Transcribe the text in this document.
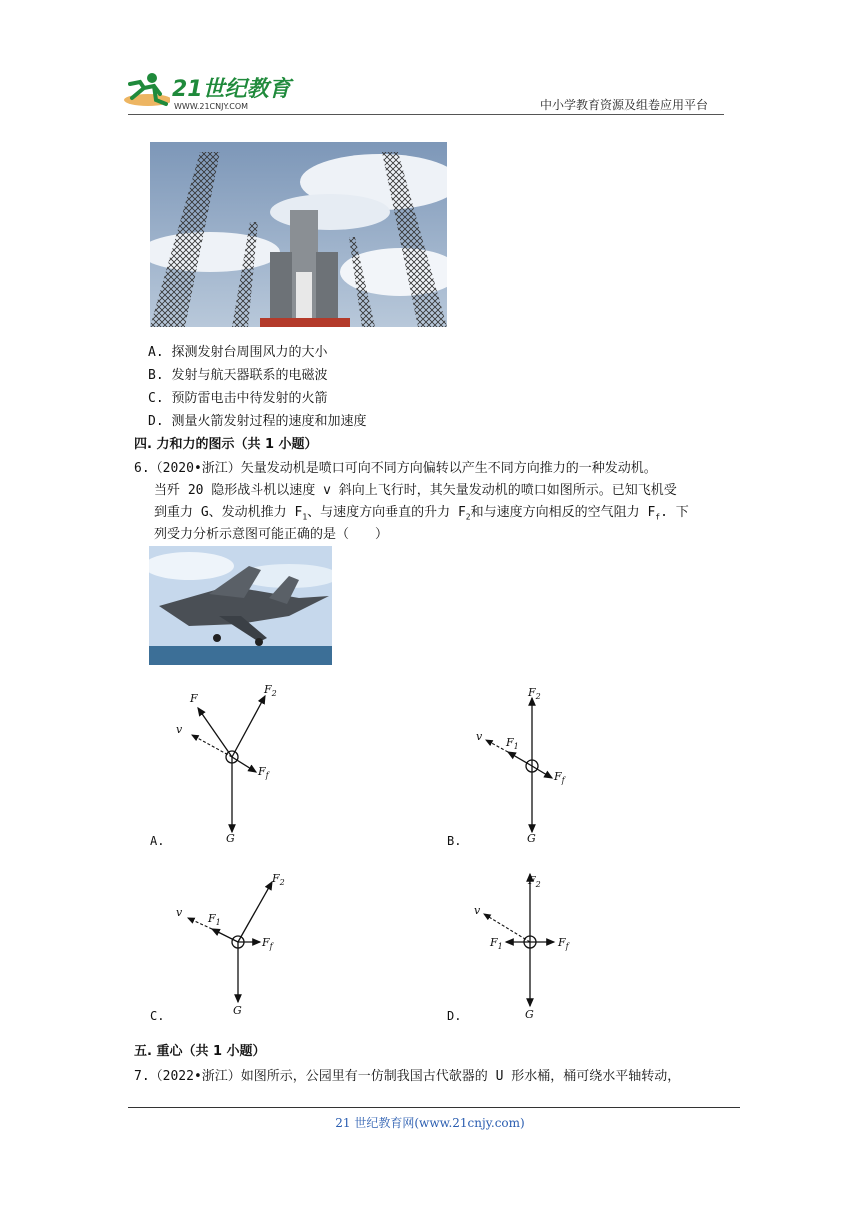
21世纪教育
WWW.21CNJY.COM	中小学教育资源及组卷应用平台
A. 探测发射台周围风力的大小
B. 发射与航天器联系的电磁波
C. 预防雷电击中待发射的火箭
D. 测量火箭发射过程的速度和加速度
四. 力和力的图示（共 1 小题）
6.（2020•浙江）矢量发动机是喷口可向不同方向偏转以产生不同方向推力的一种发动机。
当歼 20 隐形战斗机以速度 v 斜向上飞行时，其矢量发动机的喷口如图所示。已知飞机受
到重力 G、发动机推力 $F_1$、与速度方向垂直的升力 $F_2$和与速度方向相反的空气阻力 $F_f$. 下
列受力分析示意图可能正确的是（　　）
F
$F_2$
v
$F_f$
G
A.
$F_2$
v $F_1$
$F_f$
G
B.
$F_2$
v $F_1$
$F_f$
G
C.
$F_2$
v
$F_1$	$F_f$
G
D.
五. 重心（共 1 小题）
7.（2022•浙江）如图所示，公园里有一仿制我国古代欹器的 U 形水桶，桶可绕水平轴转动，
21 世纪教育网(www.21cnjy.com)
